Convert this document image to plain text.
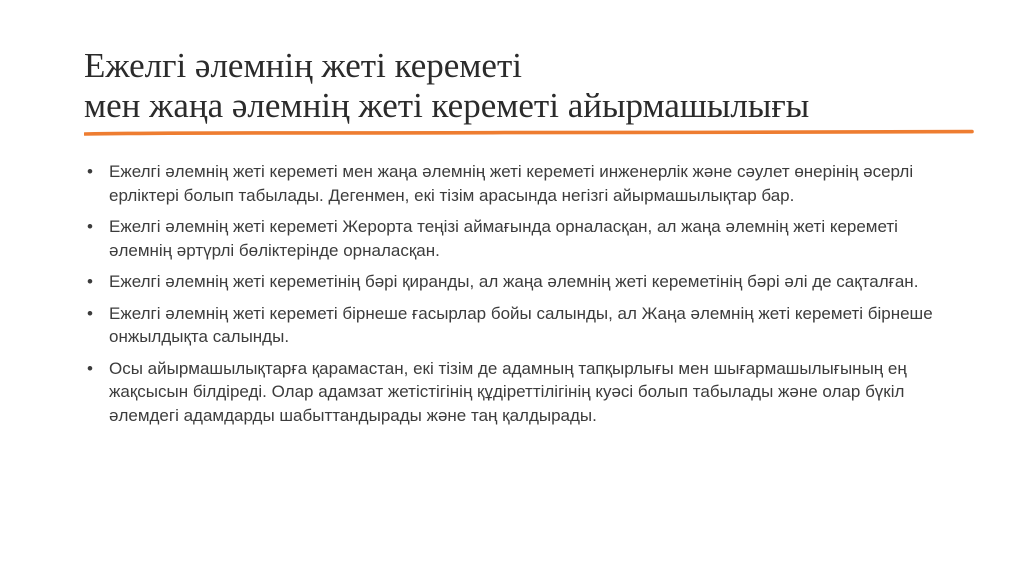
Ежелгі әлемнің жеті кереметі
мен жаңа әлемнің жеті кереметі айырмашылығы
• Ежелгі әлемнің жеті кереметі мен жаңа әлемнің жеті кереметі инженерлік және сәулет өнерінің әсерлі ерліктері болып табылады. Дегенмен, екі тізім арасында негізгі айырмашылықтар бар.
• Ежелгі әлемнің жеті кереметі Жерорта теңізі аймағында орналасқан, ал жаңа әлемнің жеті кереметі әлемнің әртүрлі бөліктерінде орналасқан.
• Ежелгі әлемнің жеті кереметінің бәрі қиранды, ал жаңа әлемнің жеті кереметінің бәрі әлі де сақталған.
• Ежелгі әлемнің жеті кереметі бірнеше ғасырлар бойы салынды, ал Жаңа әлемнің жеті кереметі бірнеше онжылдықта салынды.
• Осы айырмашылықтарға қарамастан, екі тізім де адамның тапқырлығы мен шығармашылығының ең жақсысын білдіреді. Олар адамзат жетістігінің құдіреттілігінің куәсі болып табылады және олар бүкіл әлемдегі адамдарды шабыттандырады және таң қалдырады.
